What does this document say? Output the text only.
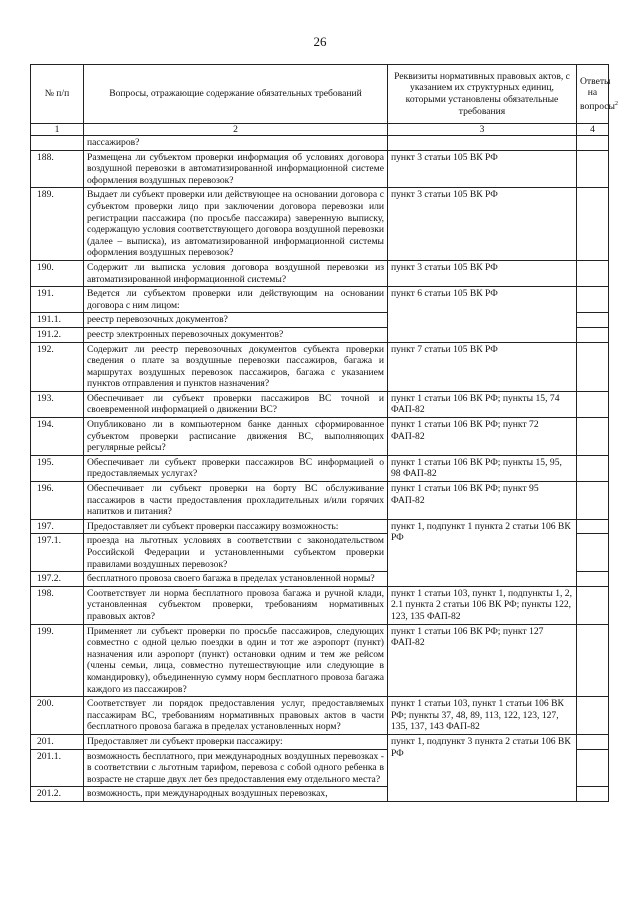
26
№ п/п	Вопросы, отражающие содержание обязательных требований	Реквизиты нормативных правовых актов, с указанием их структурных единиц, которыми установлены обязательные требования	Ответы на вопросы$^2$
1	2	3	4
	пассажиров?		
188.	Размещена ли субъектом проверки информация об условиях договора воздушной перевозки в автоматизированной информационной системе оформления воздушных перевозок?	пункт 3 статьи 105 ВК РФ	
189.	Выдает ли субъект проверки или действующее на основании договора с субъектом проверки лицо при заключении договора перевозки или регистрации пассажира (по просьбе пассажира) заверенную выписку, содержащую условия соответствующего договора воздушной перевозки (далее – выписка), из автоматизированной информационной системы оформления воздушных перевозок?	пункт 3 статьи 105 ВК РФ	
190.	Содержит ли выписка условия договора воздушной перевозки из автоматизированной информационной системы?	пункт 3 статьи 105 ВК РФ	
191.	Ведется ли субъектом проверки или действующим на основании договора с ним лицом:	пункт 6 статьи 105 ВК РФ	
191.1.	реестр перевозочных документов?		
191.2.	реестр электронных перевозочных документов?		
192.	Содержит ли реестр перевозочных документов субъекта проверки сведения о плате за воздушные перевозки пассажиров, багажа и маршрутах воздушных перевозок пассажиров, багажа с указанием пунктов отправления и пунктов назначения?	пункт 7 статьи 105 ВК РФ	
193.	Обеспечивает ли субъект проверки пассажиров ВС точной и своевременной информацией о движении ВС?	пункт 1 статьи 106 ВК РФ; пункты 15, 74 ФАП-82	
194.	Опубликовано ли в компьютерном банке данных сформированное субъектом проверки расписание движения ВС, выполняющих регулярные рейсы?	пункт 1 статьи 106 ВК РФ; пункт 72 ФАП-82	
195.	Обеспечивает ли субъект проверки пассажиров ВС информацией о предоставляемых услугах?	пункт 1 статьи 106 ВК РФ; пункты 15, 95, 98 ФАП-82	
196.	Обеспечивает ли субъект проверки на борту ВС обслуживание пассажиров в части предоставления прохладительных и/или горячих напитков и питания?	пункт 1 статьи 106 ВК РФ; пункт 95 ФАП-82	
197.	Предоставляет ли субъект проверки пассажиру возможность:	пункт 1, подпункт 1 пункта 2 статьи 106 ВК РФ	
197.1.	проезда на льготных условиях в соответствии с законодательством Российской Федерации и установленными субъектом проверки правилами воздушных перевозок?		
197.2.	бесплатного провоза своего багажа в пределах установленной нормы?		
198.	Соответствует ли норма бесплатного провоза багажа и ручной клади, установленная субъектом проверки, требованиям нормативных правовых актов?	пункт 1 статьи 103, пункт 1, подпункты 1, 2, 2.1 пункта 2 статьи 106 ВК РФ; пункты 122, 123, 135 ФАП-82	
199.	Применяет ли субъект проверки по просьбе пассажиров, следующих совместно с одной целью поездки в один и тот же аэропорт (пункт) назначения или аэропорт (пункт) остановки одним и тем же рейсом (члены семьи, лица, совместно путешествующие или следующие в командировку), объединенную сумму норм бесплатного провоза багажа каждого из пассажиров?	пункт 1 статьи 106 ВК РФ; пункт 127 ФАП-82	
200.	Соответствует ли порядок предоставления услуг, предоставляемых пассажирам ВС, требованиям нормативных правовых актов в части бесплатного провоза багажа в пределах установленных норм?	пункт 1 статьи 103, пункт 1 статьи 106 ВК РФ; пункты 37, 48, 89, 113, 122, 123, 127, 135, 137, 143 ФАП-82	
201.	Предоставляет ли субъект проверки пассажиру:	пункт 1, подпункт 3 пункта 2 статьи 106 ВК РФ	
201.1.	возможность бесплатного, при международных воздушных перевозках - в соответствии с льготным тарифом, перевоза с собой одного ребенка в возрасте не старше двух лет без предоставления ему отдельного места?		
201.2.	возможность, при международных воздушных перевозках,		
